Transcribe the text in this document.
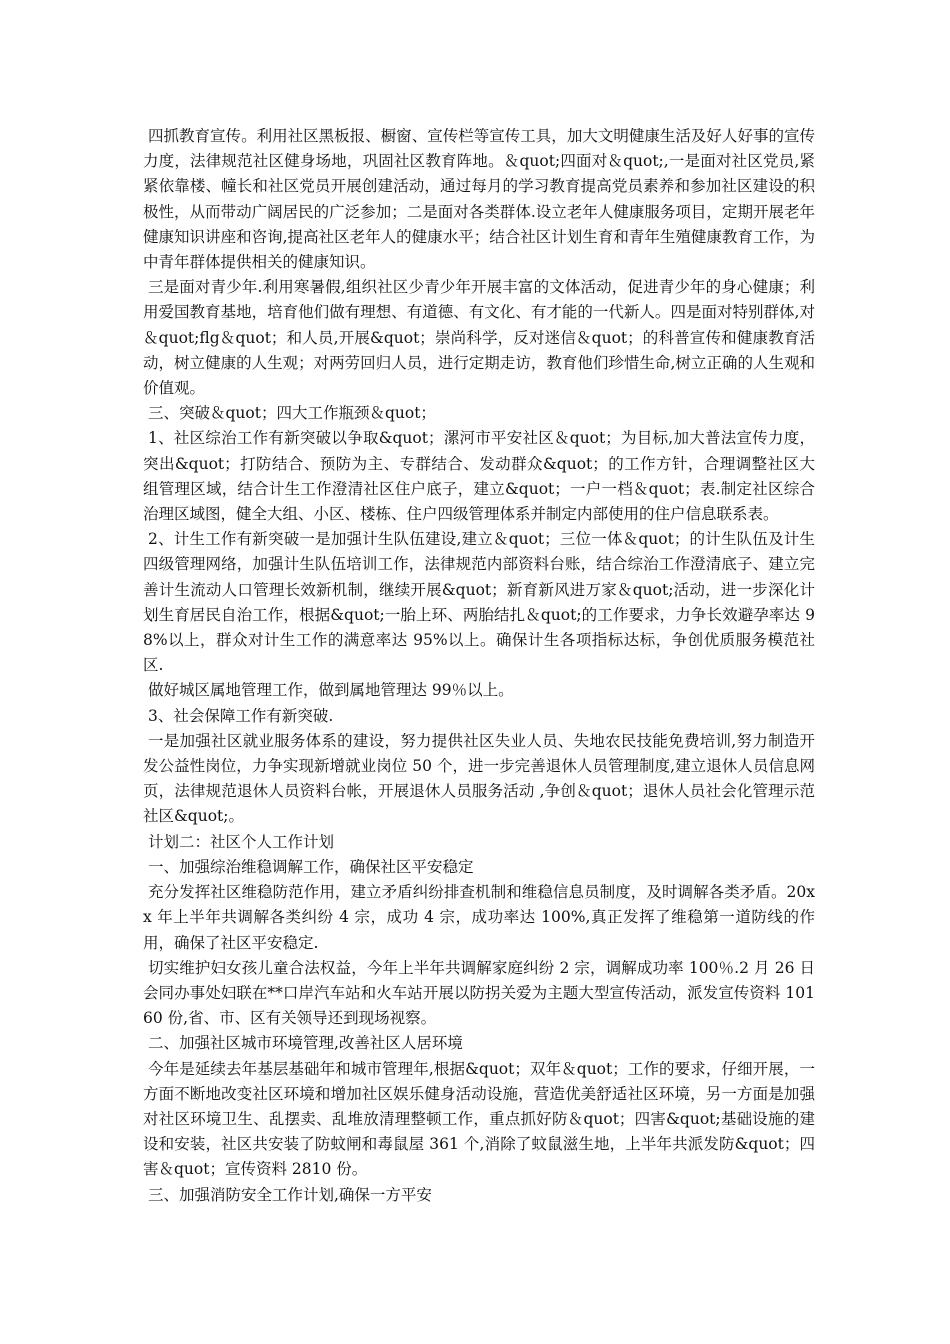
四抓教育宣传。利用社区黑板报、橱窗、宣传栏等宣传工具，加大文明健康生活及好人好事的宣传力度，法律规范社区健身场地，巩固社区教育阵地。＆quot;四面对＆quot;,一是面对社区党员,紧紧依靠楼、幢长和社区党员开展创建活动，通过每月的学习教育提高党员素养和参加社区建设的积极性，从而带动广阔居民的广泛参加；二是面对各类群体.设立老年人健康服务项目，定期开展老年健康知识讲座和咨询,提高社区老年人的健康水平；结合社区计划生育和青年生殖健康教育工作，为中青年群体提供相关的健康知识。

三是面对青少年.利用寒暑假,组织社区少青少年开展丰富的文体活动，促进青少年的身心健康；利用爱国教育基地，培育他们做有理想、有道德、有文化、有才能的一代新人。四是面对特别群体,对＆quot;flg＆quot；和人员,开展&quot；崇尚科学，反对迷信＆quot；的科普宣传和健康教育活动，树立健康的人生观；对两劳回归人员，进行定期走访，教育他们珍惜生命,树立正确的人生观和价值观。

三、突破＆quot；四大工作瓶颈＆quot；

1、社区综治工作有新突破以争取&quot；漯河市平安社区＆quot；为目标,加大普法宣传力度，突出&quot；打防结合、预防为主、专群结合、发动群众&quot；的工作方针，合理调整社区大组管理区域，结合计生工作澄清社区住户底子，建立&quot；一户一档＆quot；表.制定社区综合治理区域图，健全大组、小区、楼栋、住户四级管理体系并制定内部使用的住户信息联系表。

2、计生工作有新突破一是加强计生队伍建设,建立＆quot；三位一体＆quot；的计生队伍及计生四级管理网络，加强计生队伍培训工作，法律规范内部资料台账，结合综治工作澄清底子、建立完善计生流动人口管理长效新机制，继续开展&quot；新育新风进万家＆quot;活动，进一步深化计划生育居民自治工作，根据&quot;一胎上环、两胎结扎＆quot;的工作要求，力争长效避孕率达 98%以上，群众对计生工作的满意率达 95%以上。确保计生各项指标达标，争创优质服务模范社区.

做好城区属地管理工作，做到属地管理达 99％以上。

3、社会保障工作有新突破.

一是加强社区就业服务体系的建设，努力提供社区失业人员、失地农民技能免费培训,努力制造开发公益性岗位，力争实现新增就业岗位 50 个，进一步完善退休人员管理制度,建立退休人员信息网页，法律规范退休人员资料台帐，开展退休人员服务活动 ,争创＆quot；退休人员社会化管理示范社区&quot;。

计划二：社区个人工作计划

一、加强综治维稳调解工作，确保社区平安稳定

充分发挥社区维稳防范作用，建立矛盾纠纷排查机制和维稳信息员制度，及时调解各类矛盾。20xx 年上半年共调解各类纠纷 4 宗，成功 4 宗，成功率达 100%,真正发挥了维稳第一道防线的作用，确保了社区平安稳定.

切实维护妇女孩儿童合法权益，今年上半年共调解家庭纠纷 2 宗，调解成功率 100％.2 月 26 日会同办事处妇联在**口岸汽车站和火车站开展以防拐关爱为主题大型宣传活动，派发宣传资料 10160 份,省、市、区有关领导还到现场视察。

二、加强社区城市环境管理,改善社区人居环境

今年是延续去年基层基础年和城市管理年,根据&quot；双年＆quot；工作的要求，仔细开展，一方面不断地改变社区环境和增加社区娱乐健身活动设施，营造优美舒适社区环境，另一方面是加强对社区环境卫生、乱摆卖、乱堆放清理整顿工作，重点抓好防＆quot；四害&quot;基础设施的建设和安装，社区共安装了防蚊闸和毒鼠屋 361 个,消除了蚊鼠滋生地，上半年共派发防&quot；四害＆quot；宣传资料 2810 份。

三、加强消防安全工作计划,确保一方平安
